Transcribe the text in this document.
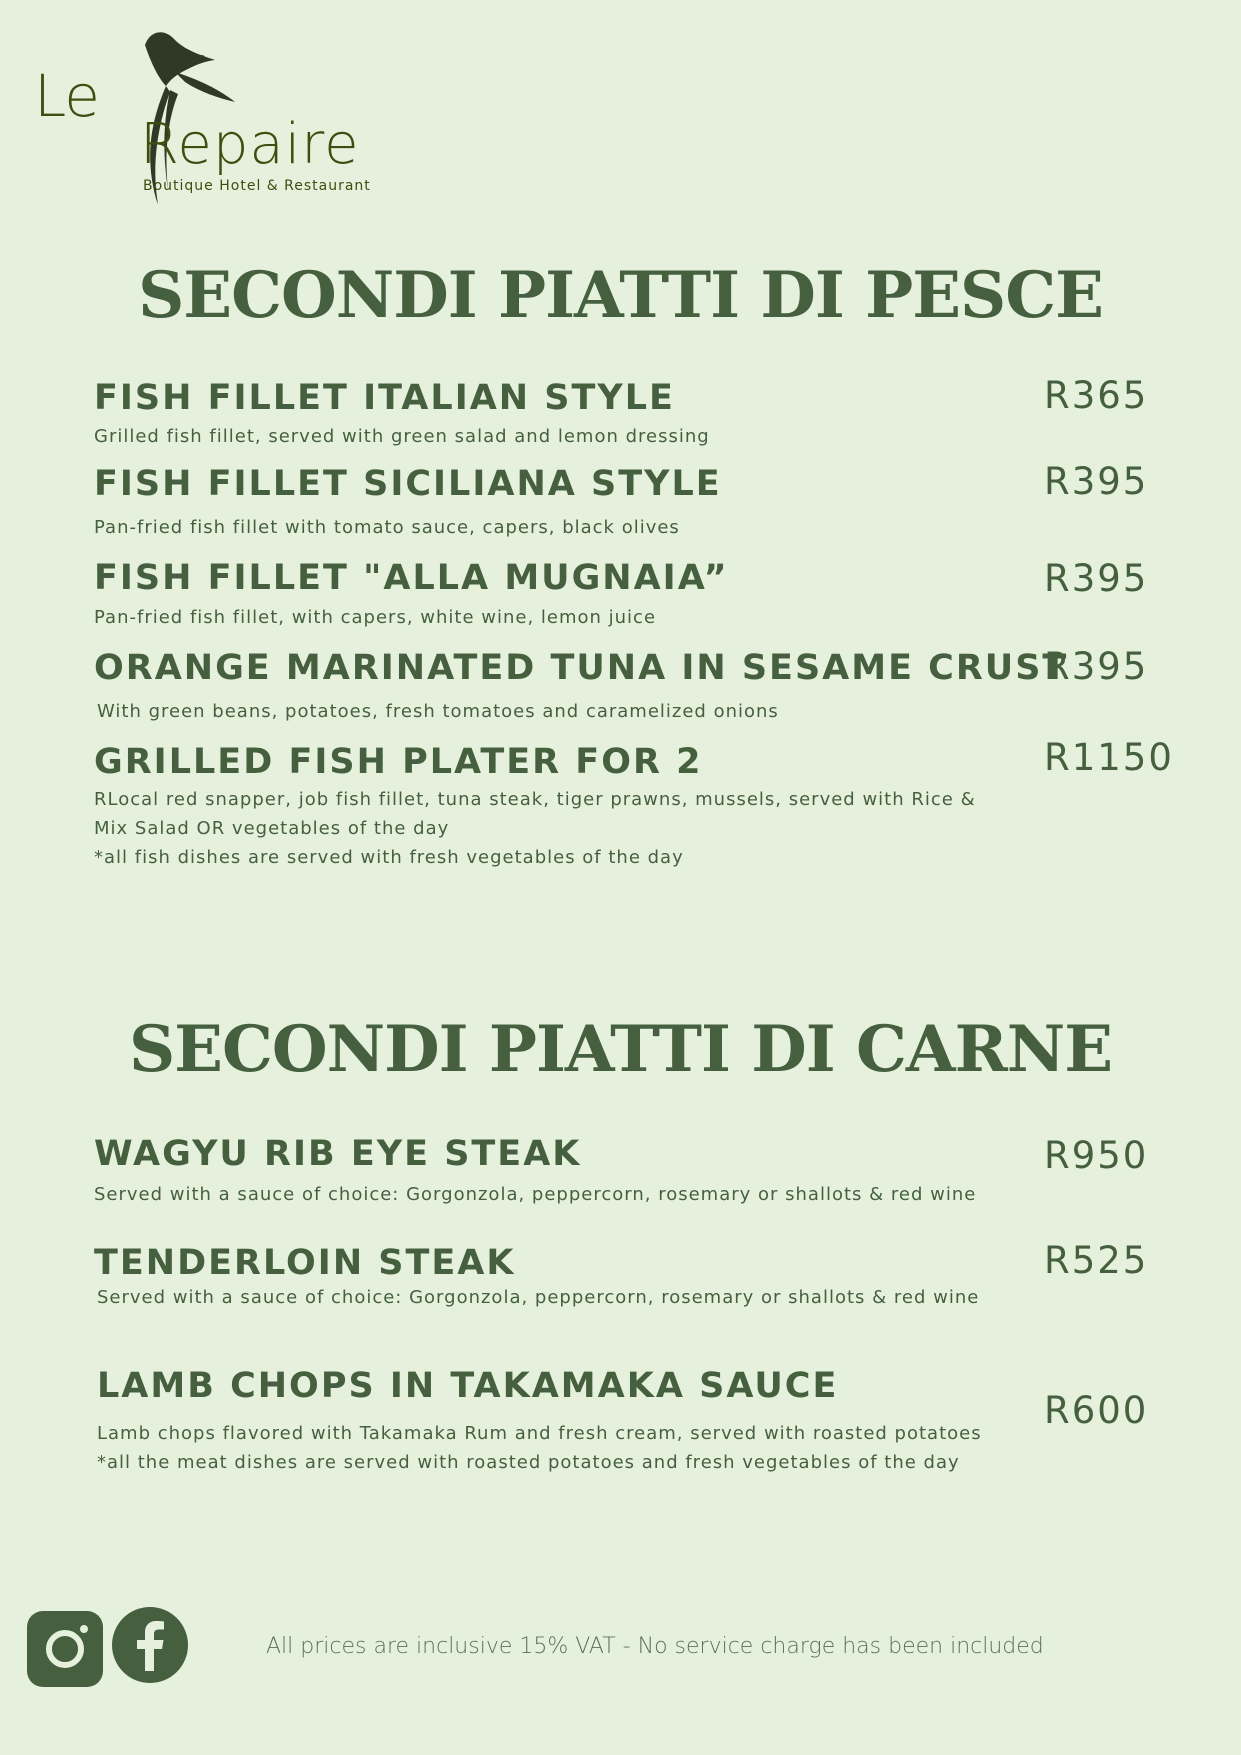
Le
Repaire
Boutique Hotel & Restaurant
SECONDI PIATTI DI PESCE

FISH FILLET ITALIAN STYLE

Grilled fish fillet, served with green salad and lemon dressing

R365

FISH FILLET SICILIANA STYLE

Pan-fried fish fillet with tomato sauce, capers, black olives

R395

FISH FILLET "ALLA MUGNAIA”

Pan-fried fish fillet, with capers, white wine, lemon juice

R395

ORANGE MARINATED TUNA IN SESAME CRUST

With green beans, potatoes, fresh tomatoes and caramelized onions

R395

GRILLED FISH PLATER FOR 2

RLocal red snapper, job fish fillet, tuna steak, tiger prawns, mussels, served with Rice & Mix Salad OR vegetables of the day

*all fish dishes are served with fresh vegetables of the day

R1150

SECONDI PIATTI DI CARNE

WAGYU RIB EYE STEAK

Served with a sauce of choice: Gorgonzola, peppercorn, rosemary or shallots & red wine

R950

TENDERLOIN STEAK

Served with a sauce of choice: Gorgonzola, peppercorn, rosemary or shallots & red wine

R525

LAMB CHOPS IN TAKAMAKA SAUCE

Lamb chops flavored with Takamaka Rum and fresh cream, served with roasted potatoes

*all the meat dishes are served with roasted potatoes and fresh vegetables of the day

R600

All prices are inclusive 15% VAT - No service charge has been included
